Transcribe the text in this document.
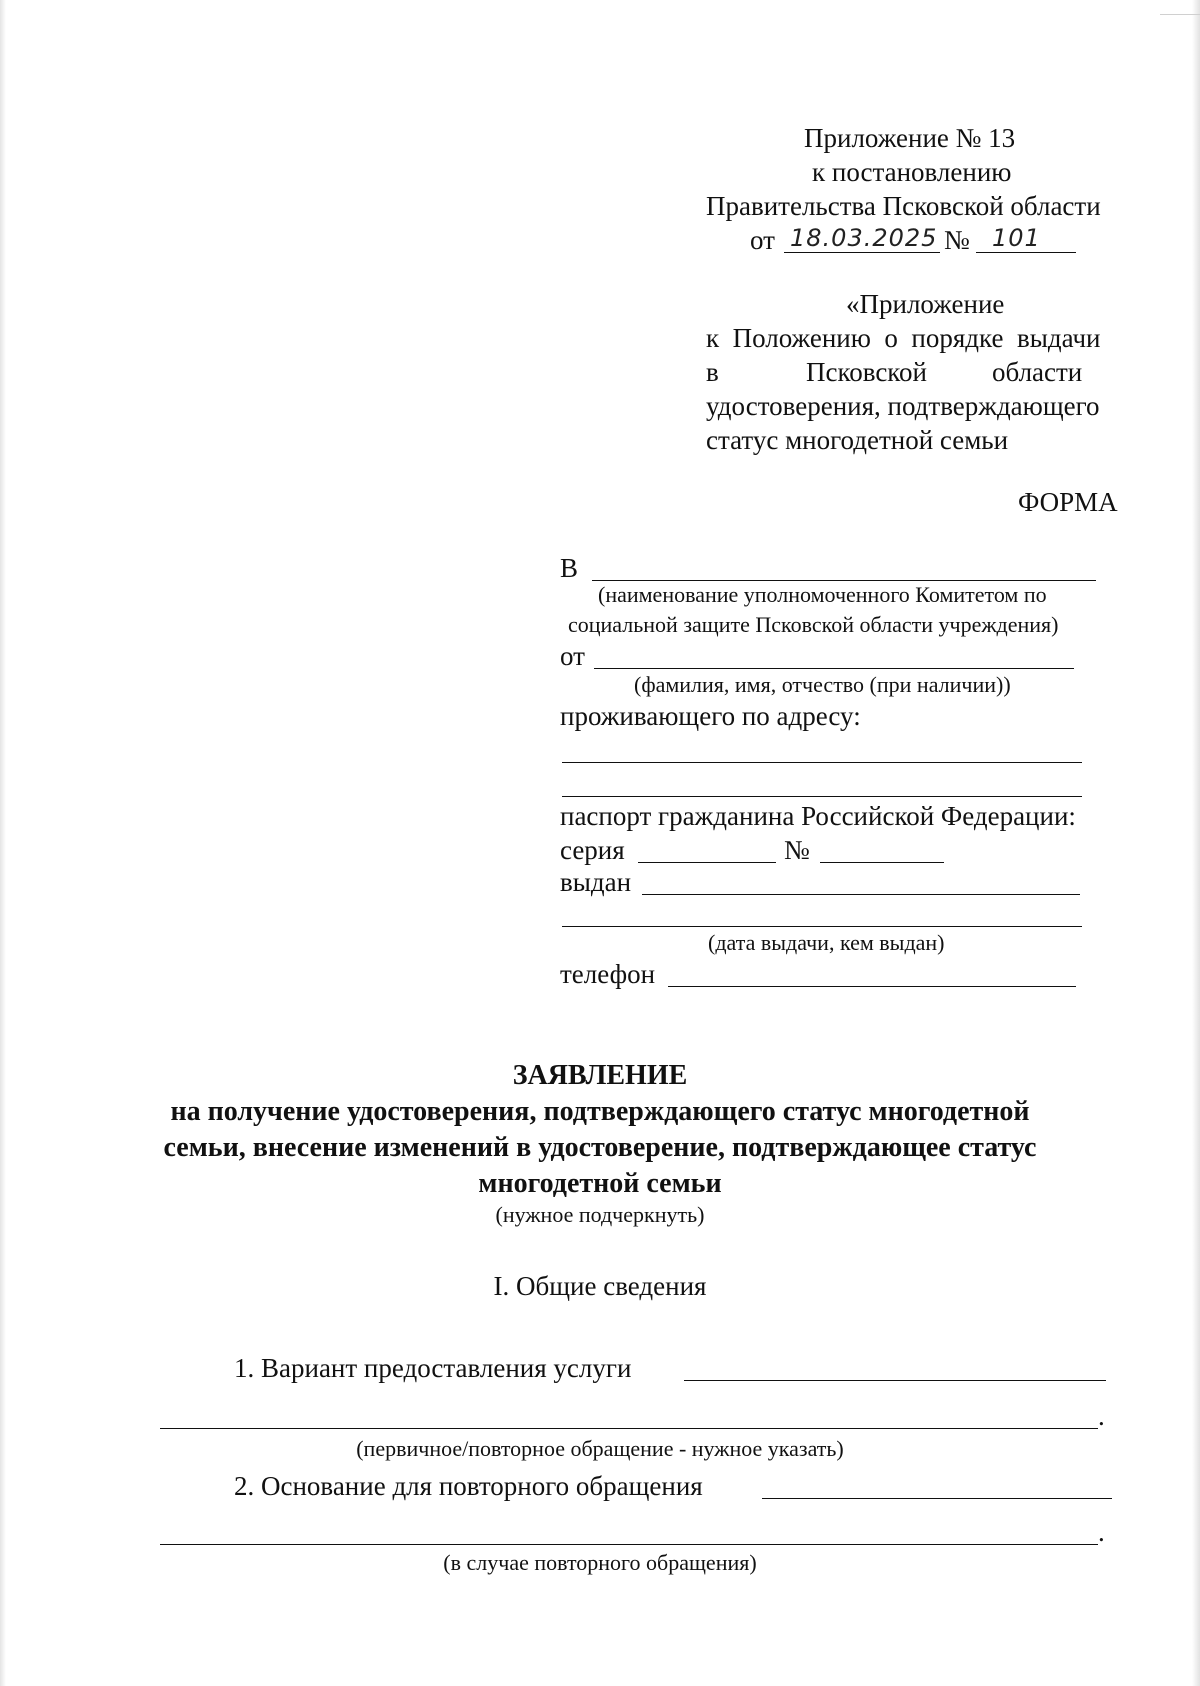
Приложение № 13
к постановлению
Правительства Псковской области
от 18.03.2025 № 101
«Приложение
к  Положению  о  порядке  выдачи
в	Псковской области
удостоверения, подтверждающего
статус многодетной семьи
ФОРМА
В
(наименование уполномоченного Комитетом по
социальной защите Псковской области учреждения)
от
(фамилия, имя, отчество (при наличии))
проживающего по адресу:
паспорт гражданина Российской Федерации:
серия	№
выдан
(дата выдачи, кем выдан)
телефон
ЗАЯВЛЕНИЕ
на получение удостоверения, подтверждающего статус многодетной
семьи, внесение изменений в удостоверение, подтверждающее статус
многодетной семьи
(нужное подчеркнуть)
I. Общие сведения
1. Вариант предоставления услуги
.
(первичное/повторное обращение - нужное указать)
2. Основание для повторного обращения
.
(в случае повторного обращения)
